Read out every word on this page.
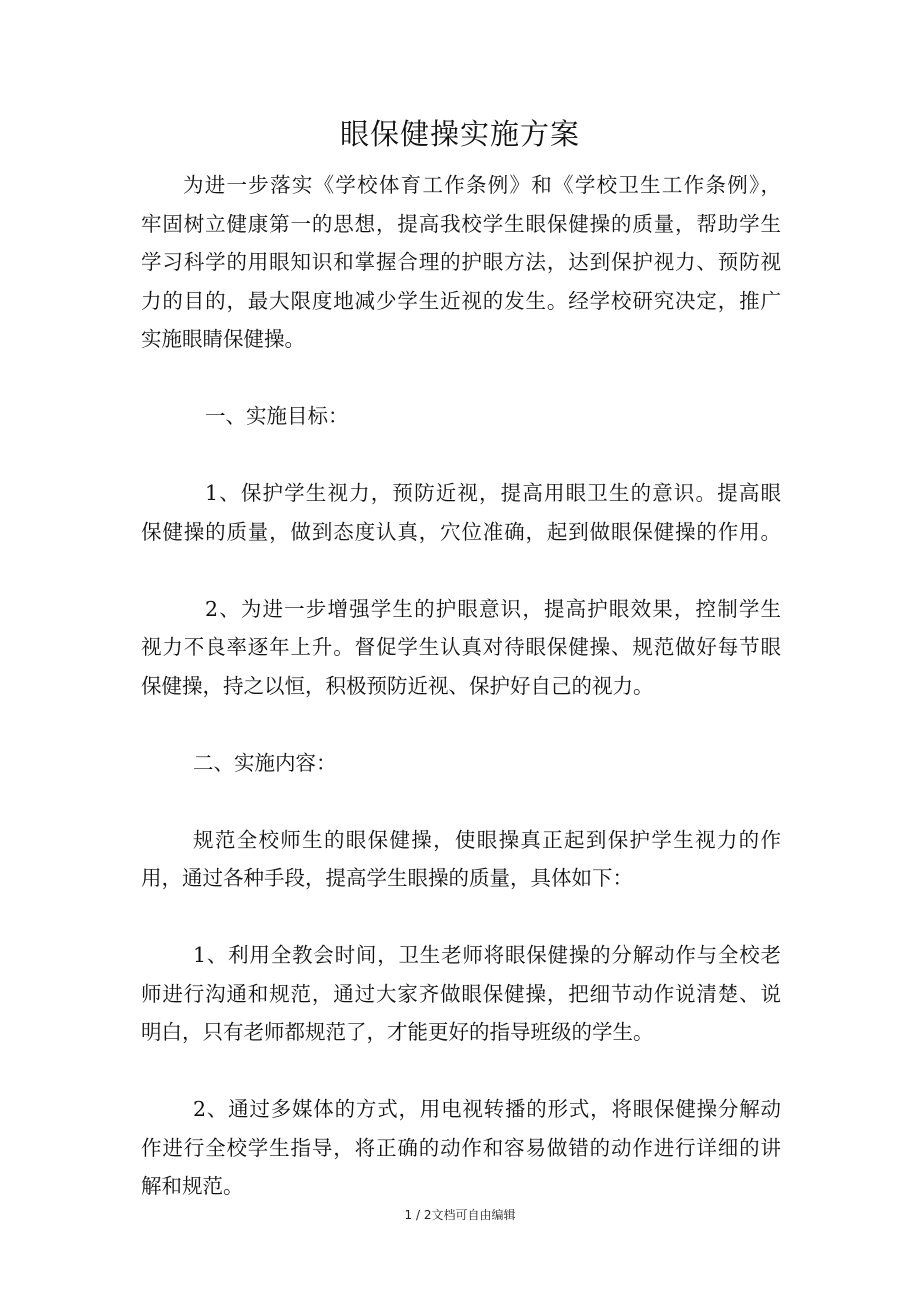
眼保健操实施方案
为进一步落实《学校体育工作条例》和《学校卫生工作条例》，
牢固树立健康第一的思想，提高我校学生眼保健操的质量，帮助学生
学习科学的用眼知识和掌握合理的护眼方法，达到保护视力、预防视
力的目的，最大限度地减少学生近视的发生。经学校研究决定，推广
实施眼睛保健操。
一、实施目标：
1、保护学生视力，预防近视，提高用眼卫生的意识。提高眼
保健操的质量，做到态度认真，穴位准确，起到做眼保健操的作用。
2、为进一步增强学生的护眼意识，提高护眼效果，控制学生
视力不良率逐年上升。督促学生认真对待眼保健操、规范做好每节眼
保健操，持之以恒，积极预防近视、保护好自己的视力。
二、实施内容：
规范全校师生的眼保健操，使眼操真正起到保护学生视力的作
用，通过各种手段，提高学生眼操的质量，具体如下：
1、利用全教会时间，卫生老师将眼保健操的分解动作与全校老
师进行沟通和规范，通过大家齐做眼保健操，把细节动作说清楚、说
明白，只有老师都规范了，才能更好的指导班级的学生。
2、通过多媒体的方式，用电视转播的形式，将眼保健操分解动
作进行全校学生指导，将正确的动作和容易做错的动作进行详细的讲
解和规范。
1 / 2文档可自由编辑
